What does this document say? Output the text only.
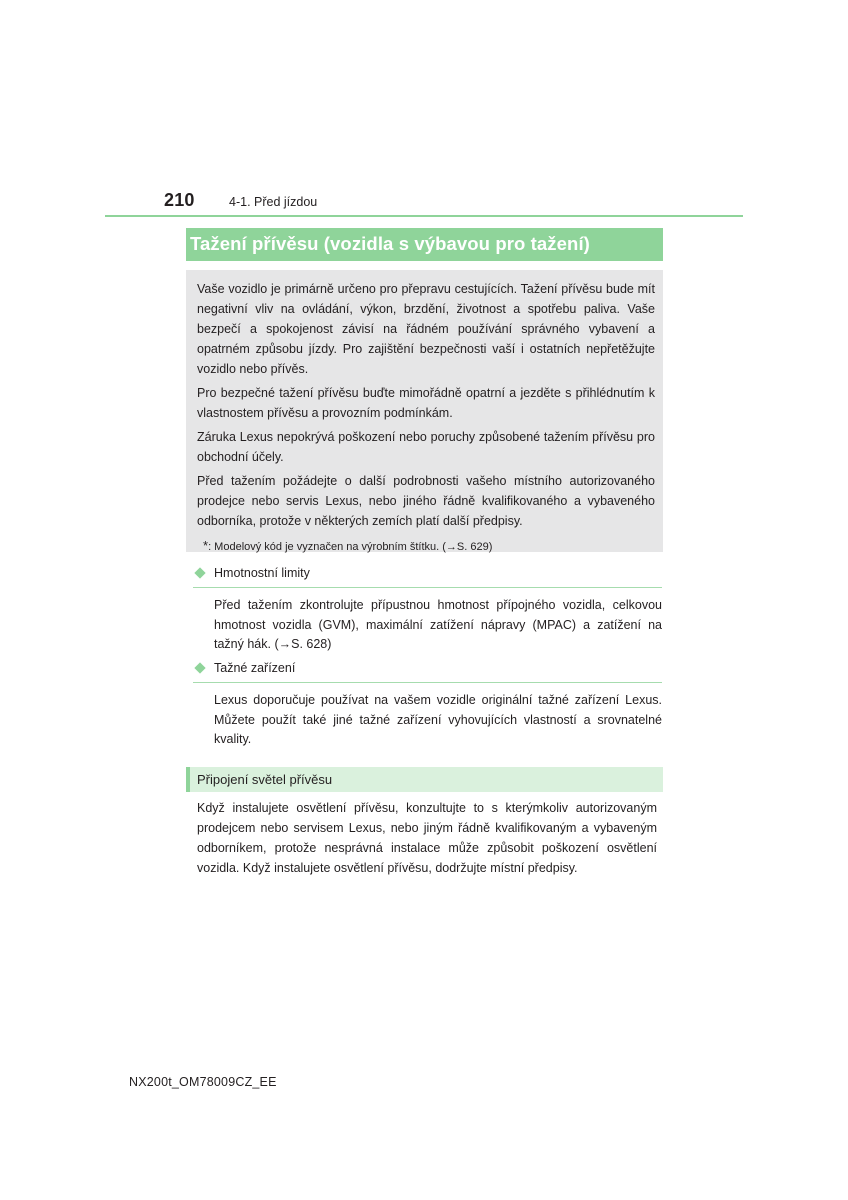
210	4-1. Před jízdou
Tažení přívěsu (vozidla s výbavou pro tažení)

Vaše vozidlo je primárně určeno pro přepravu cestujících. Tažení přívěsu bude mít negativní vliv na ovládání, výkon, brzdění, životnost a spotřebu paliva. Vaše bezpečí a spokojenost závisí na řádném používání správného vybavení a opatrném způsobu jízdy. Pro zajištění bezpečnosti vaší i ostatních nepřetěžujte vozidlo nebo přívěs.

Pro bezpečné tažení přívěsu buďte mimořádně opatrní a jezděte s přihlédnutím k vlastnostem přívěsu a provozním podmínkám.

Záruka Lexus nepokrývá poškození nebo poruchy způsobené tažením přívěsu pro obchodní účely.

Před tažením požádejte o další podrobnosti vašeho místního autorizovaného prodejce nebo servis Lexus, nebo jiného řádně kvalifikovaného a vybaveného odborníka, protože v některých zemích platí další předpisy.

*: Modelový kód je vyznačen na výrobním štítku. (→S. 629)

Hmotnostní limity
Před tažením zkontrolujte přípustnou hmotnost přípojného vozidla, celkovou hmotnost vozidla (GVM), maximální zatížení nápravy (MPAC) a zatížení na tažný hák. (→S. 628)
Tažné zařízení
Lexus doporučuje používat na vašem vozidle originální tažné zařízení Lexus. Můžete použít také jiné tažné zařízení vyhovujících vlastností a srovnatelné kvality.
Připojení světel přívěsu
Když instalujete osvětlení přívěsu, konzultujte to s kterýmkoliv autorizovaným prodejcem nebo servisem Lexus, nebo jiným řádně kvalifikovaným a vybaveným odborníkem, protože nesprávná instalace může způsobit poškození osvětlení vozidla. Když instalujete osvětlení přívěsu, dodržujte místní předpisy.
NX200t_OM78009CZ_EE
